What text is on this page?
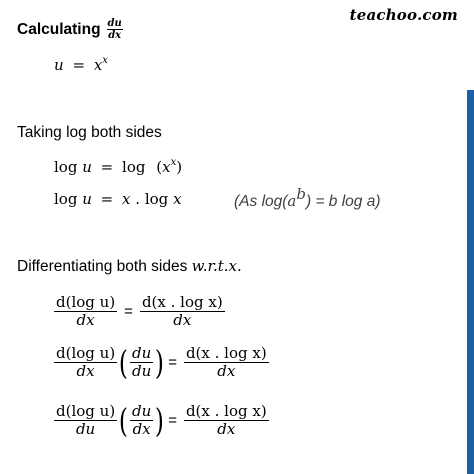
teachoo.com
Calculating $\frac{du}{dx}$
$u = x^x$
Taking log both sides
$\log u = \log (x^x)$
log u = x . log x	(As $\log(a^b) = b$ log a)
Differentiating both sides w.r.t.x.
$\frac{\text{d(log u)}}{dx} = \frac{\text{d(x . log x)}}{dx}$
$\frac{\text{d(log u)}}{dx}$ ( $\frac{du}{du}$ ) = $\frac{\text{d(x . log x)}}{dx}$
$\frac{\text{d(log u)}}{du}$ ( $\frac{du}{dx}$ ) = $\frac{\text{d(x . log x)}}{dx}$
